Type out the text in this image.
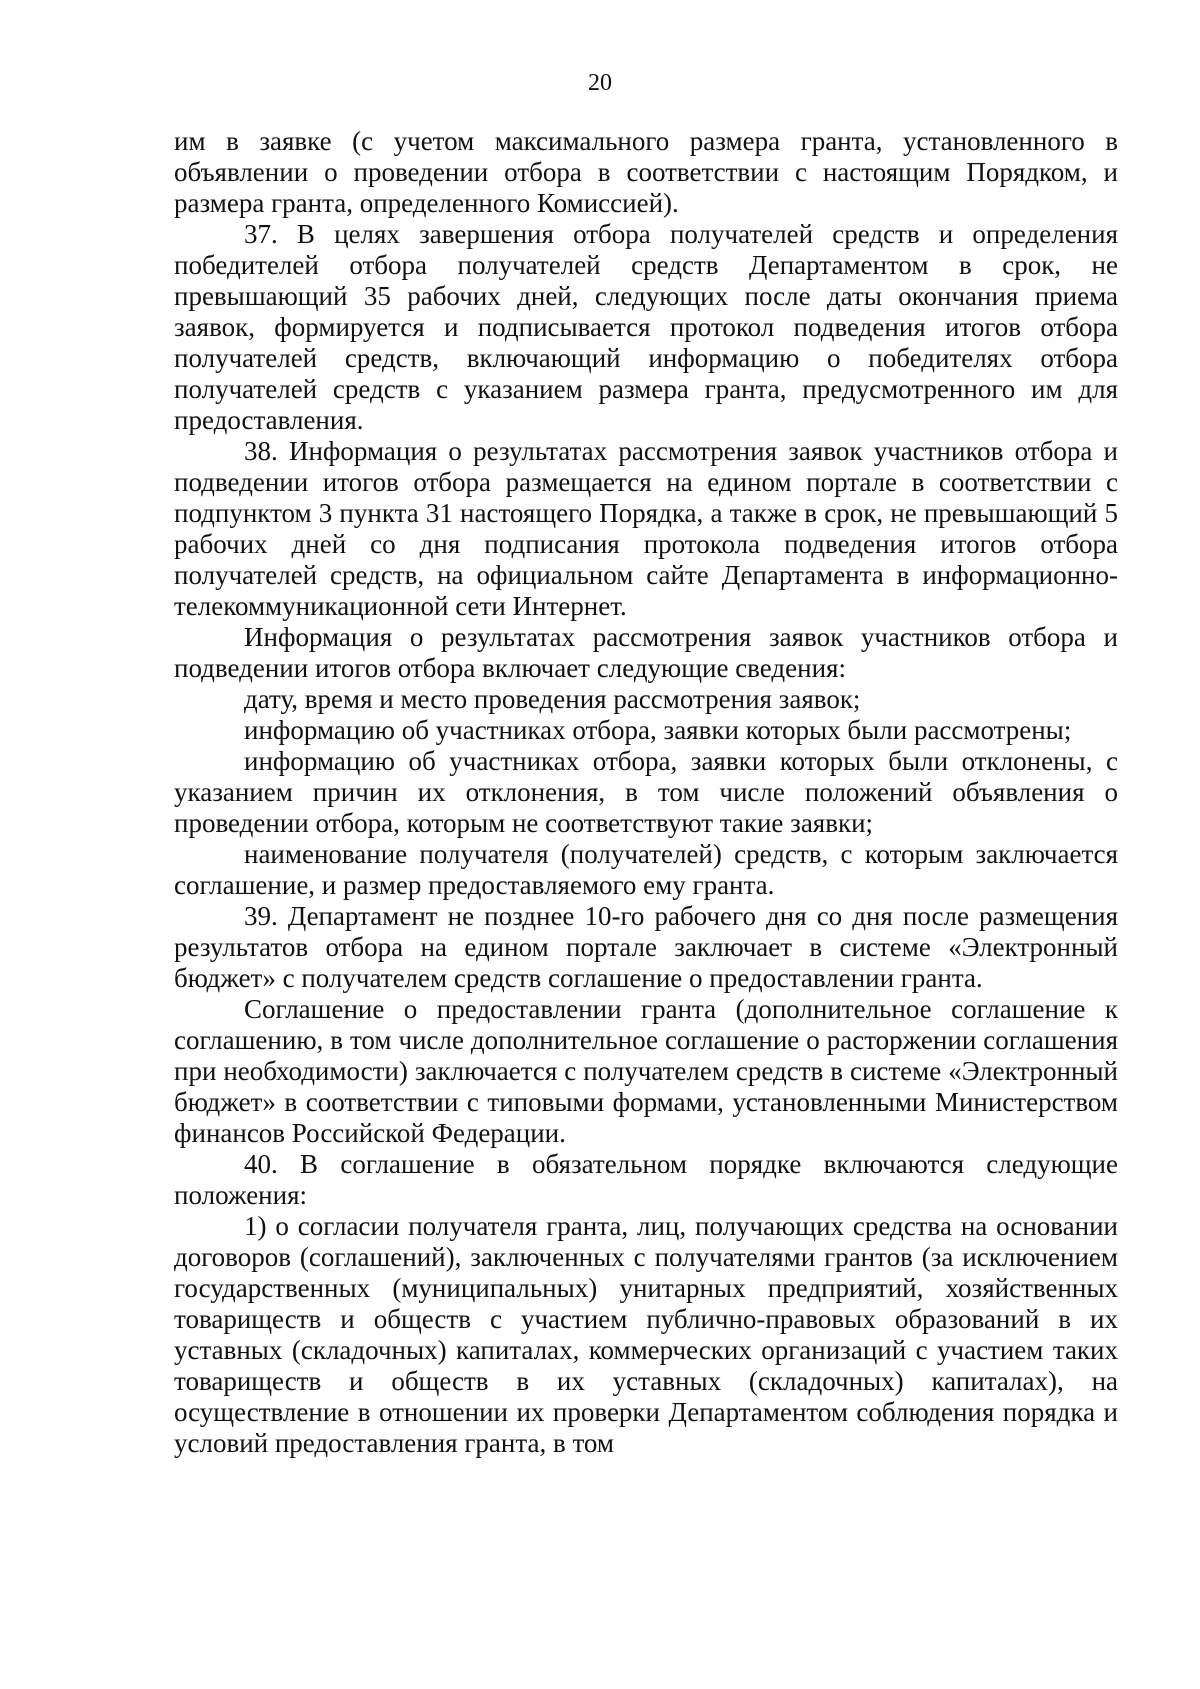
20

им в заявке (с учетом максимального размера гранта, установленного в объявлении о проведении отбора в соответствии с настоящим Порядком, и размера гранта, определенного Комиссией).

37. В целях завершения отбора получателей средств и определения победителей отбора получателей средств Департаментом в срок, не превышающий 35 рабочих дней, следующих после даты окончания приема заявок, формируется и подписывается протокол подведения итогов отбора получателей средств, включающий информацию о победителях отбора получателей средств с указанием размера гранта, предусмотренного им для предоставления.

38. Информация о результатах рассмотрения заявок участников отбора и подведении итогов отбора размещается на едином портале в соответствии с подпунктом 3 пункта 31 настоящего Порядка, а также в срок, не превышающий 5 рабочих дней со дня подписания протокола подведения итогов отбора получателей средств, на официальном сайте Департамента в информационно-телекоммуникационной сети Интернет.

Информация о результатах рассмотрения заявок участников отбора и подведении итогов отбора включает следующие сведения:

дату, время и место проведения рассмотрения заявок;

информацию об участниках отбора, заявки которых были рассмотрены;

информацию об участниках отбора, заявки которых были отклонены, с указанием причин их отклонения, в том числе положений объявления о проведении отбора, которым не соответствуют такие заявки;

наименование получателя (получателей) средств, с которым заключается соглашение, и размер предоставляемого ему гранта.

39. Департамент не позднее 10-го рабочего дня со дня после размещения результатов отбора на едином портале заключает в системе «Электронный бюджет» с получателем средств соглашение о предоставлении гранта.

Соглашение о предоставлении гранта (дополнительное соглашение к соглашению, в том числе дополнительное соглашение о расторжении соглашения при необходимости) заключается с получателем средств в системе «Электронный бюджет» в соответствии с типовыми формами, установленными Министерством финансов Российской Федерации.

40. В соглашение в обязательном порядке включаются следующие положения:

1) о согласии получателя гранта, лиц, получающих средства на основании договоров (соглашений), заключенных с получателями грантов (за исключением государственных (муниципальных) унитарных предприятий, хозяйственных товариществ и обществ с участием публично-правовых образований в их уставных (складочных) капиталах, коммерческих организаций с участием таких товариществ и обществ в их уставных (складочных) капиталах), на осуществление в отношении их проверки Департаментом соблюдения порядка и условий предоставления гранта, в том
